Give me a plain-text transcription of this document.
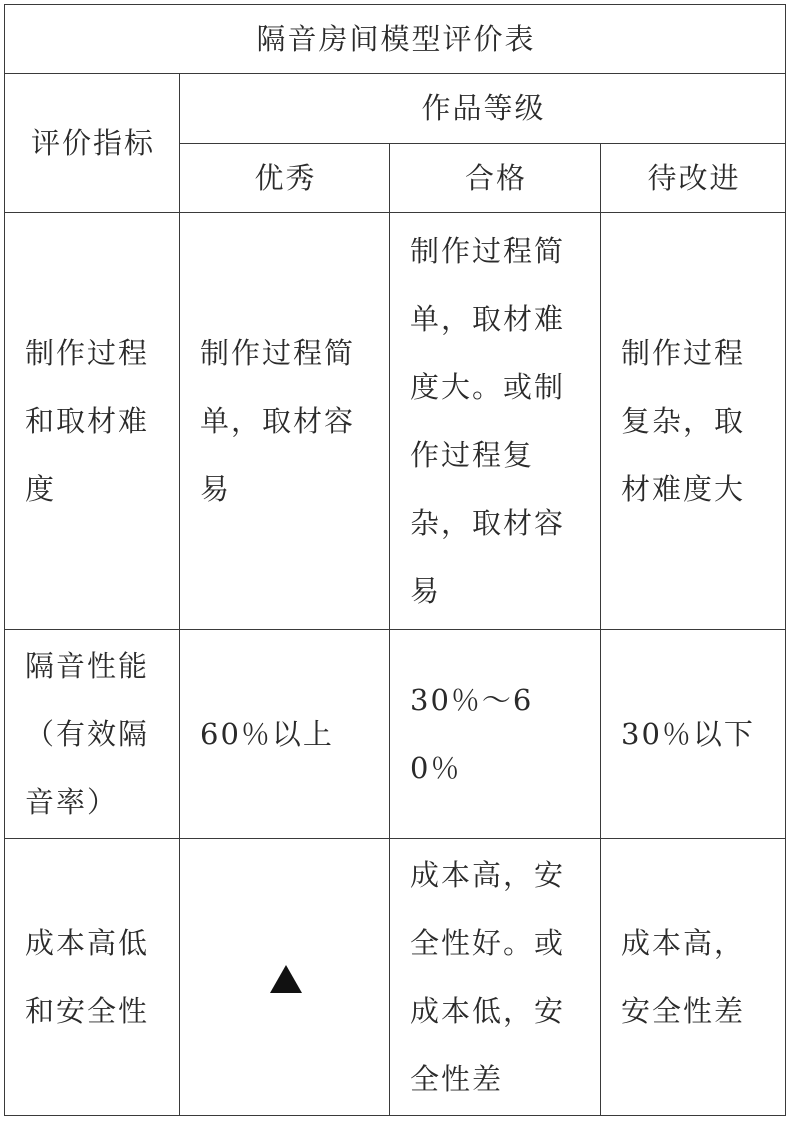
隔音房间模型评价表			
评价指标	作品等级		
	优秀	合格	待改进
制作过程和取材难度	制作过程简单，取材容易	制作过程简单，取材难度大。或制作过程复杂，取材容易	制作过程复杂，取材难度大
隔音性能（有效隔音率）	60％以上	30％～60％	30％以下
成本高低和安全性		成本高，安全性好。或成本低，安全性差	成本高，安全性差
